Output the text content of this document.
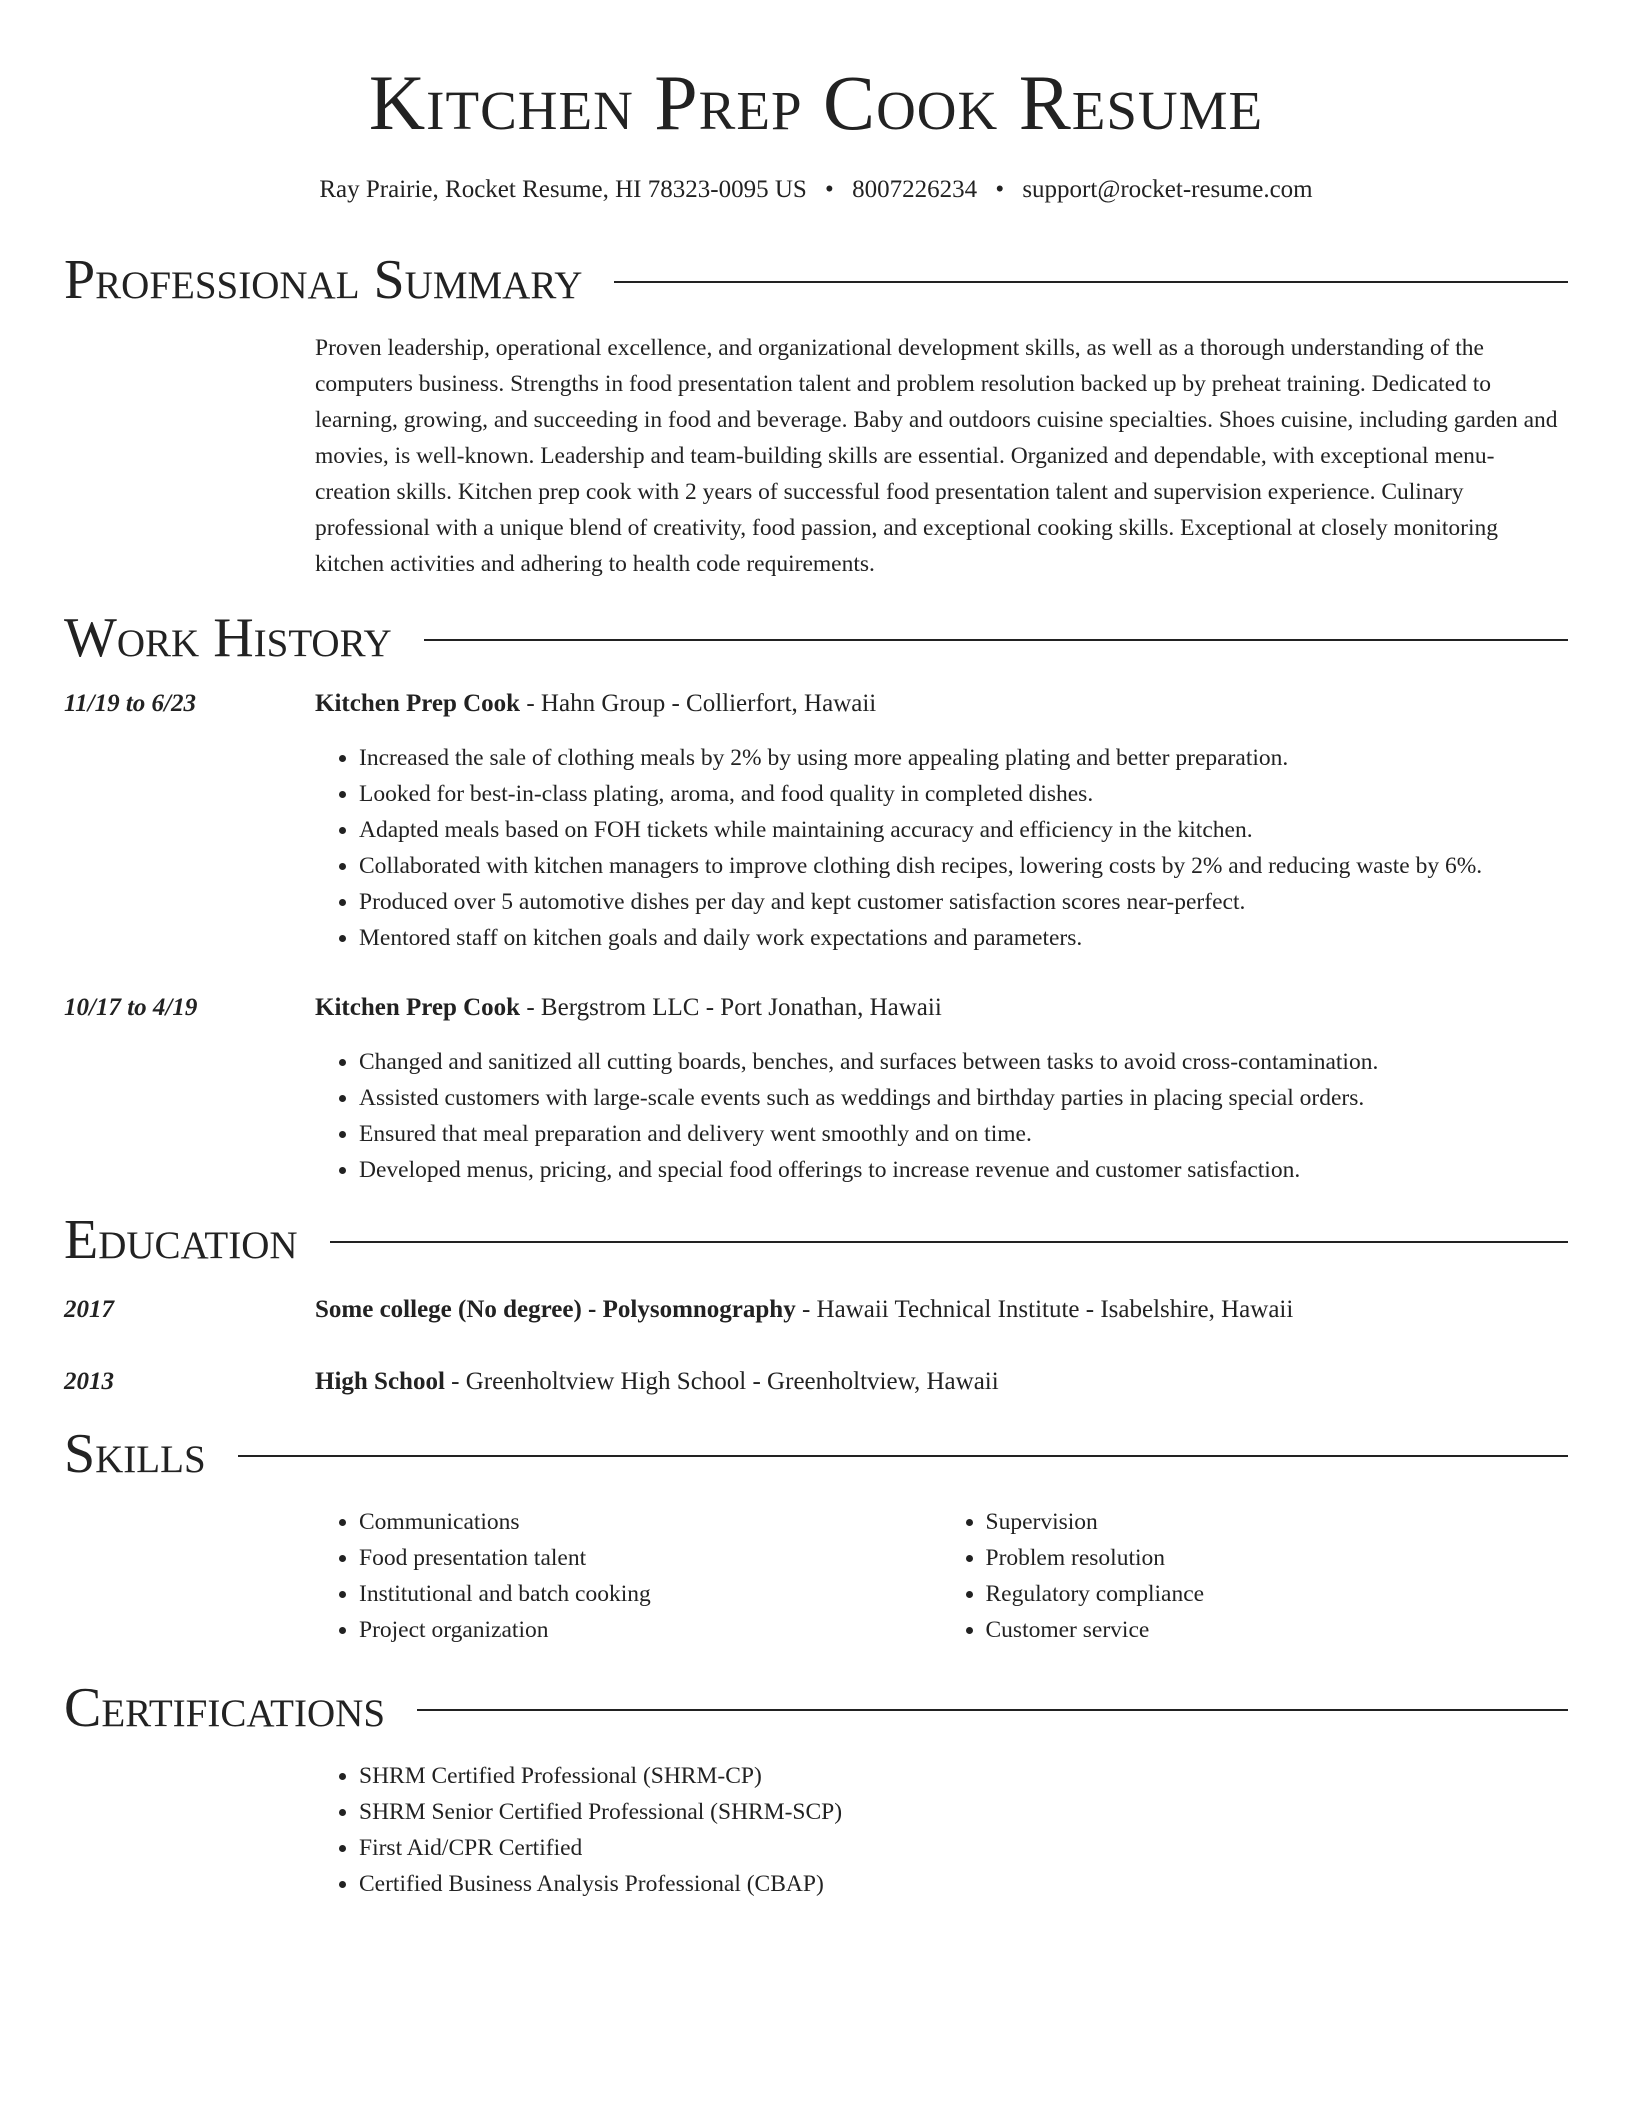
Kitchen Prep Cook Resume
Ray Prairie, Rocket Resume, HI 78323-0095 US • 8007226234 • support@rocket-resume.com
Professional Summary
Proven leadership, operational excellence, and organizational development skills, as well as a thorough understanding of the computers business. Strengths in food presentation talent and problem resolution backed up by preheat training. Dedicated to learning, growing, and succeeding in food and beverage. Baby and outdoors cuisine specialties. Shoes cuisine, including garden and movies, is well-known. Leadership and team-building skills are essential. Organized and dependable, with exceptional menu-creation skills. Kitchen prep cook with 2 years of successful food presentation talent and supervision experience. Culinary professional with a unique blend of creativity, food passion, and exceptional cooking skills. Exceptional at closely monitoring kitchen activities and adhering to health code requirements.
Work History
11/19 to 6/23	Kitchen Prep Cook - Hahn Group - Collierfort, Hawaii
• Increased the sale of clothing meals by 2% by using more appealing plating and better preparation.
• Looked for best-in-class plating, aroma, and food quality in completed dishes.
• Adapted meals based on FOH tickets while maintaining accuracy and efficiency in the kitchen.
• Collaborated with kitchen managers to improve clothing dish recipes, lowering costs by 2% and reducing waste by 6%.
• Produced over 5 automotive dishes per day and kept customer satisfaction scores near-perfect.
• Mentored staff on kitchen goals and daily work expectations and parameters.
10/17 to 4/19	Kitchen Prep Cook - Bergstrom LLC - Port Jonathan, Hawaii
• Changed and sanitized all cutting boards, benches, and surfaces between tasks to avoid cross-contamination.
• Assisted customers with large-scale events such as weddings and birthday parties in placing special orders.
• Ensured that meal preparation and delivery went smoothly and on time.
• Developed menus, pricing, and special food offerings to increase revenue and customer satisfaction.
Education
2017	Some college (No degree) - Polysomnography - Hawaii Technical Institute - Isabelshire, Hawaii
2013	High School - Greenholtview High School - Greenholtview, Hawaii
Skills
• Communications
• Food presentation talent
• Institutional and batch cooking
• Project organization
• Supervision
• Problem resolution
• Regulatory compliance
• Customer service
Certifications
• SHRM Certified Professional (SHRM-CP)
• SHRM Senior Certified Professional (SHRM-SCP)
• First Aid/CPR Certified
• Certified Business Analysis Professional (CBAP)
